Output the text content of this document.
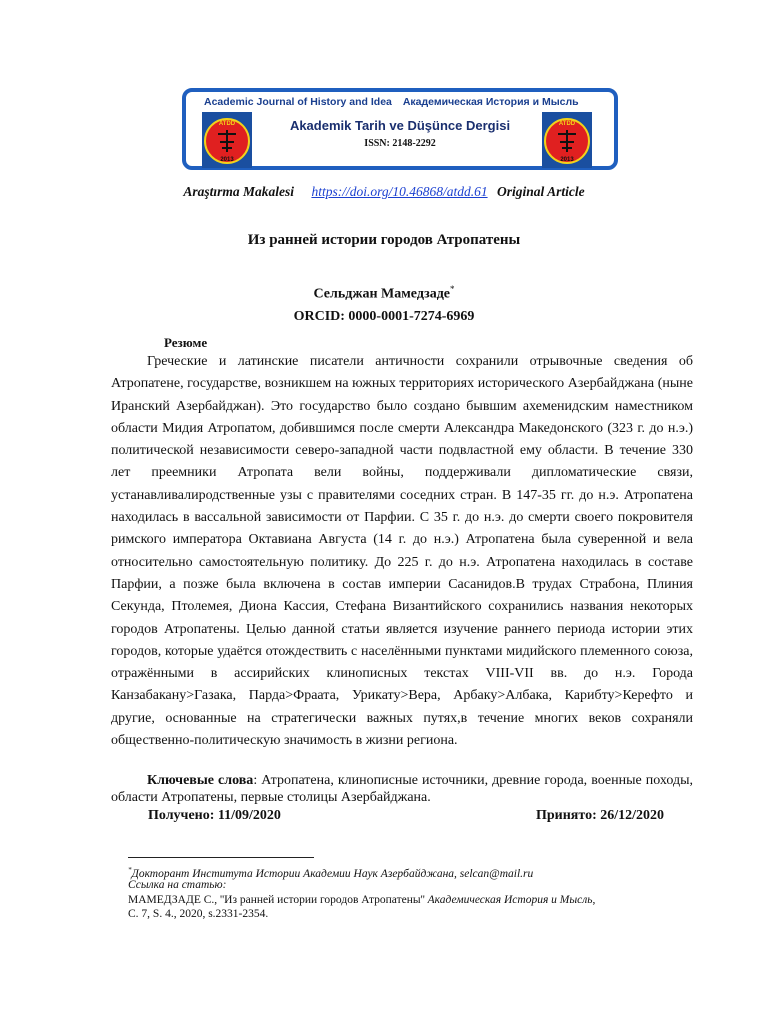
Academic Journal of History and Idea Академическая История и Мысль
ATDD
2013
ATDD
2013
Akademik Tarih ve Düşünce Dergisi
ISSN: 2148-2292
Araştırma Makalesi https://doi.org/10.46868/atdd.61 Original Article
Из ранней истории городов Атропатены
Сельджан Мамедзаде*
ORCID: 0000-0001-7274-6969
Резюме

Греческие и латинские писатели античности сохранили отрывочные сведения об Атропатене, государстве, возникшем на южных территориях исторического Азербайджана (ныне Иранский Азербайджан). Это государство было создано бывшим ахеменидским наместником области Мидия Атропатом, добившимся после смерти Александра Македонского (323 г. до н.э.) политической независимости северо-западной части подвластной ему области. В течение 330 лет преемники Атропата вели войны, поддерживали дипломатические связи, устанавливалиродственные узы с правителями соседних стран. В 147-35 гг. до н.э. Атропатена находилась в вассальной зависимости от Парфии. С 35 г. до н.э. до смерти своего покровителя римского императора Октавиана Августа (14 г. до н.э.) Атропатена была суверенной и вела относительно самостоятельную политику. До 225 г. до н.э. Атропатена находилась в составе Парфии, а позже была включена в состав империи Сасанидов.В трудах Страбона, Плиния Секунда, Птолемея, Диона Кассия, Стефана Византийского сохранились названия некоторых городов Атропатены. Целью данной статьи является изучение раннего периода истории этих городов, которые удаётся отождествить с населёнными пунктами мидийского племенного союза, отражёнными в ассирийских клинописных текстах VIII-VII вв. до н.э. Города Канзабакану>Газака, Парда>Фраата, Урикату>Вера, Арбаку>Албака, Карибту>Керефто и другие, основанные на стратегически важных путях,в течение многих веков сохраняли общественно-политическую значимость в жизни региона.

Ключевые слова: Атропатена, клинописные источники, древние города, военные походы, области Атропатены, первые столицы Азербайджана.

Получено: 11/09/2020	Принято: 26/12/2020
*Докторант Института Истории Академии Наук Азербайджана, selcan@mail.ru
Ссылка на статью:
МАМЕДЗАДЕ С., ''Из ранней истории городов Атропатены'' Академическая История и Мысль,
С. 7, S. 4., 2020, s.2331-2354.
